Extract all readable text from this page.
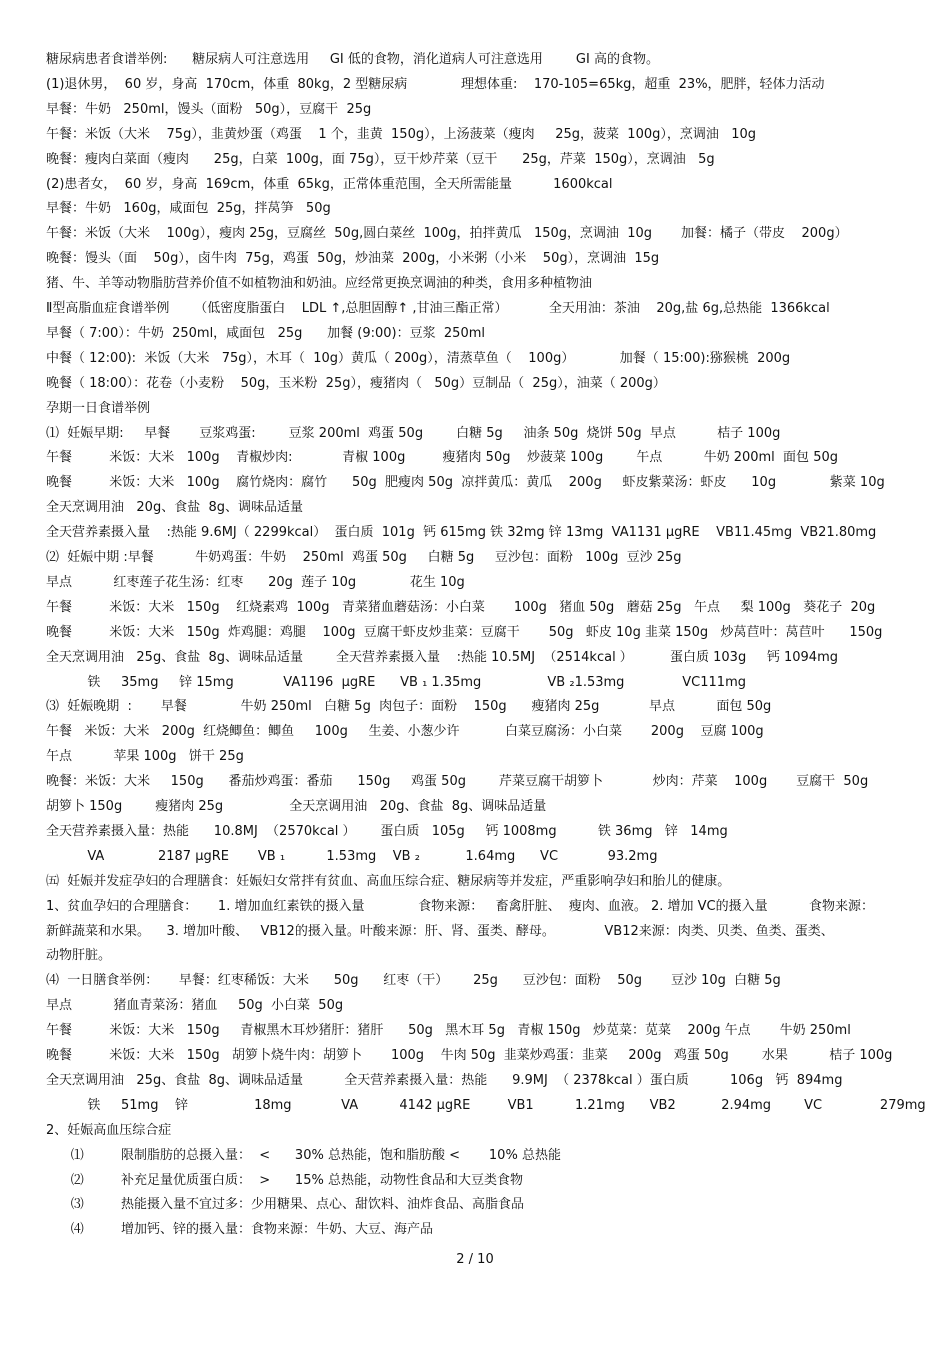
糖尿病患者食谱举例:      糖尿病人可注意选用     GI 低的食物，消化道病人可注意选用        GI 高的食物。
(1)退休男，  60 岁，身高  170cm，体重  80kg，2 型糖尿病             理想体重:    170-105=65kg，超重  23%，肥胖，轻体力活动
早餐：牛奶   250ml，馒头（面粉   50g），豆腐干  25g
午餐：米饭（大米    75g），韭黄炒蛋（鸡蛋    1 个，韭黄  150g），上汤菠菜（瘦肉     25g，菠菜  100g），烹调油   10g
晚餐：瘦肉白菜面（瘦肉      25g，白菜  100g，面 75g），豆干炒芹菜（豆干      25g，芹菜  150g），烹调油   5g
(2)患者女，  60 岁，身高  169cm，体重  65kg，正常体重范围，全天所需能量          1600kcal
早餐：牛奶   160g，咸面包  25g，拌莴笋   50g
午餐：米饭（大米    100g），瘦肉 25g，豆腐丝  50g,圆白菜丝  100g，拍拌黄瓜   150g，烹调油  10g       加餐：橘子（带皮    200g）
晚餐：馒头（面    50g），卤牛肉  75g，鸡蛋  50g，炒油菜  200g，小米粥（小米    50g），烹调油  15g
猪、牛、羊等动物脂肪营养价值不如植物油和奶油。应经常更换烹调油的种类，食用多种植物油
Ⅱ型高脂血症食谱举例      （低密度脂蛋白    LDL ↑,总胆固醇↑ ,甘油三酯正常）          全天用油：茶油    20g,盐 6g,总热能  1366kcal
早餐（ 7:00）：牛奶  250ml，咸面包   25g      加餐 (9:00)：豆浆  250ml
中餐（ 12:00):  米饭（大米   75g），木耳（  10g）黄瓜（ 200g），清蒸草鱼（    100g）           加餐（ 15:00):猕猴桃  200g
晚餐（ 18:00）：花卷（小麦粉    50g，玉米粉  25g），瘦猪肉（   50g）豆制品（  25g），油菜（ 200g）
孕期一日食谱举例
⑴  妊娠早期:     早餐       豆浆鸡蛋:        豆浆 200ml  鸡蛋 50g        白糖 5g     油条 50g  烧饼 50g  早点          桔子 100g
午餐         米饭：大米   100g    青椒炒肉:            青椒 100g         瘦猪肉 50g    炒菠菜 100g        午点          牛奶 200ml  面包 50g
晚餐         米饭：大米   100g    腐竹烧肉：腐竹      50g  肥瘦肉 50g  凉拌黄瓜：黄瓜    200g     虾皮紫菜汤：虾皮      10g             紫菜 10g
全天烹调用油   20g、食盐  8g、调味品适量
全天营养素摄入量    :热能 9.6MJ（ 2299kcal）  蛋白质  101g  钙 615mg 铁 32mg 锌 13mg  VA1131 μgRE    VB11.45mg  VB21.80mg
⑵  妊娠中期 :早餐          牛奶鸡蛋：牛奶    250ml  鸡蛋 50g     白糖 5g     豆沙包：面粉   100g  豆沙 25g
早点          红枣莲子花生汤：红枣      20g  莲子 10g             花生 10g
午餐         米饭：大米   150g    红烧素鸡  100g   青菜猪血蘑菇汤：小白菜       100g   猪血 50g   蘑菇 25g   午点     梨 100g   葵花子  20g
晚餐         米饭：大米   150g  炸鸡腿：鸡腿    100g  豆腐干虾皮炒韭菜：豆腐干       50g   虾皮 10g 韭菜 150g   炒莴苣叶：莴苣叶      150g
全天烹调用油   25g、食盐  8g、调味品适量        全天营养素摄入量    :热能 10.5MJ  （2514kcal ）         蛋白质 103g     钙 1094mg
铁     35mg     锌 15mg            VA1196  μgRE      VB ₁ 1.35mg                VB ₂1.53mg              VC111mg
⑶  妊娠晚期  :       早餐             牛奶 250ml   白糖 5g  肉包子：面粉    150g      瘦猪肉 25g            早点          面包 50g
午餐   米饭：大米   200g  红烧鲫鱼：鲫鱼     100g     生姜、小葱少许           白菜豆腐汤：小白菜       200g    豆腐 100g
午点          苹果 100g   饼干 25g
晚餐：米饭：大米     150g      番茄炒鸡蛋：番茄      150g     鸡蛋 50g        芹菜豆腐干胡箩卜            炒肉：芹菜    100g       豆腐干  50g
胡箩卜 150g        瘦猪肉 25g                全天烹调用油   20g、食盐  8g、调味品适量
全天营养素摄入量：热能      10.8MJ  （2570kcal ）      蛋白质   105g     钙 1008mg          铁 36mg   锌   14mg
VA             2187 μgRE       VB ₁          1.53mg    VB ₂           1.64mg      VC            93.2mg
㈤  妊娠并发症孕妇的合理膳食：妊娠妇女常拌有贫血、高血压综合症、糖尿病等并发症，严重影响孕妇和胎儿的健康。
1、贫血孕妇的合理膳食：     1. 增加血红素铁的摄入量             食物来源：   畜禽肝脏、  瘦肉、血液。 2. 增加 VC的摄入量          食物来源：
新鲜蔬菜和水果。    3. 增加叶酸、   VB12的摄入量。叶酸来源：肝、肾、蛋类、酵母。            VB12来源：肉类、贝类、鱼类、蛋类、
动物肝脏。
⑷  一日膳食举例：     早餐：红枣稀饭：大米      50g      红枣（干）      25g      豆沙包：面粉    50g       豆沙 10g  白糖 5g
早点          猪血青菜汤：猪血     50g  小白菜  50g
午餐         米饭：大米   150g     青椒黑木耳炒猪肝：猪肝      50g   黑木耳 5g   青椒 150g   炒苋菜：苋菜    200g 午点       牛奶 250ml
晚餐         米饭：大米   150g   胡箩卜烧牛肉：胡箩卜       100g    牛肉 50g  韭菜炒鸡蛋：韭菜     200g   鸡蛋 50g        水果          桔子 100g
全天烹调用油   25g、食盐  8g、调味品适量          全天营养素摄入量：热能      9.9MJ  （ 2378kcal ）蛋白质          106g   钙  894mg
铁     51mg    锌                18mg            VA          4142 μgRE         VB1          1.21mg      VB2           2.94mg        VC              279mg
2、妊娠高血压综合症
⑴         限制脂肪的总摄入量：  <      30% 总热能，饱和脂肪酸 <       10% 总热能
⑵         补充足量优质蛋白质：  >      15% 总热能，动物性食品和大豆类食物
⑶         热能摄入量不宜过多：少用糖果、点心、甜饮料、油炸食品、高脂食品
⑷         增加钙、锌的摄入量：食物来源：牛奶、大豆、海产品
2 / 10
